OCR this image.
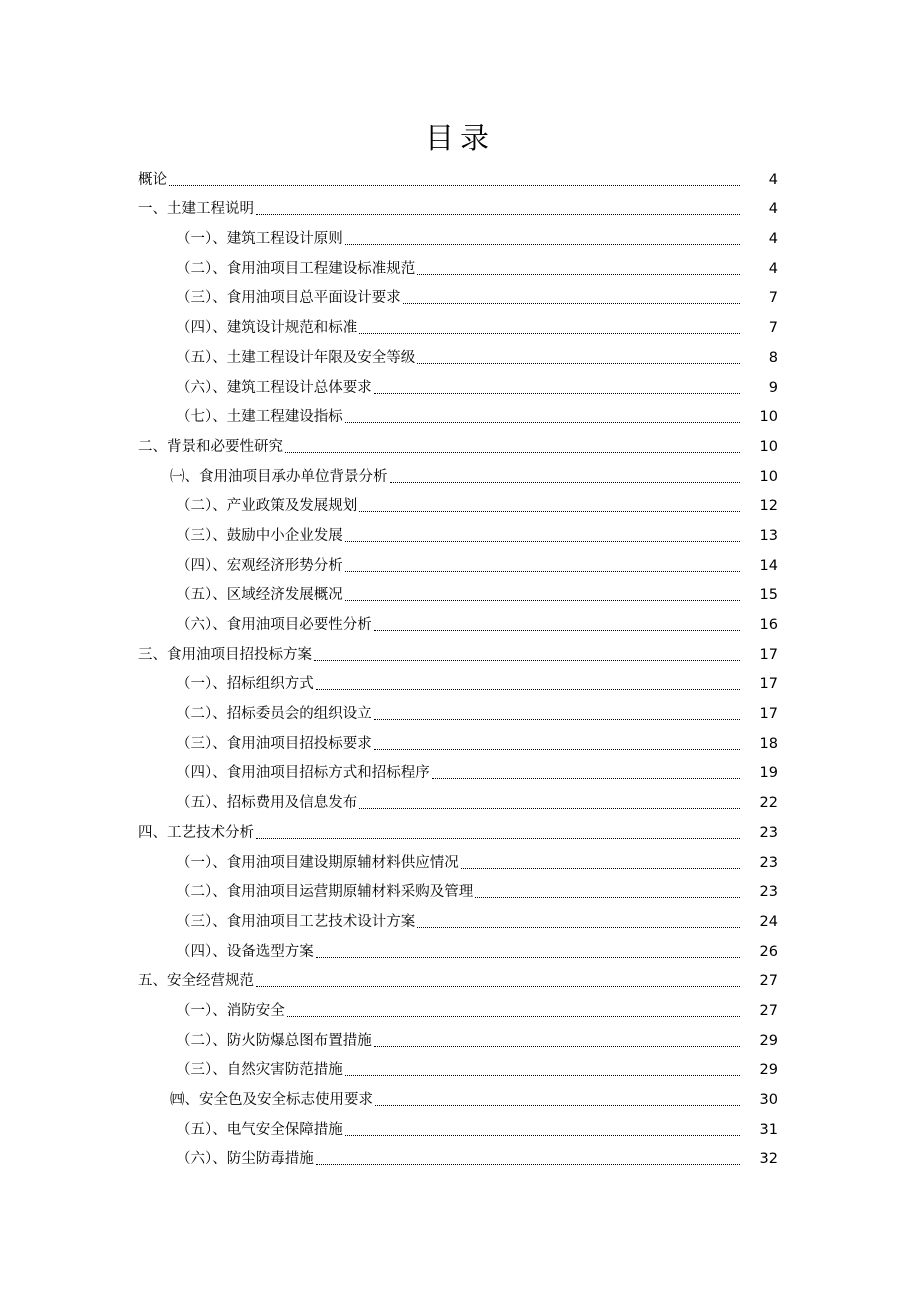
目录
概论	4
一、土建工程说明	4
（一）、建筑工程设计原则	4
（二）、食用油项目工程建设标准规范	4
（三）、食用油项目总平面设计要求	7
（四）、建筑设计规范和标准	7
（五）、土建工程设计年限及安全等级	8
（六）、建筑工程设计总体要求	9
（七）、土建工程建设指标	10
二、背景和必要性研究	10
㈠、食用油项目承办单位背景分析	10
（二）、产业政策及发展规划	12
（三）、鼓励中小企业发展	13
（四）、宏观经济形势分析	14
（五）、区域经济发展概况	15
（六）、食用油项目必要性分析	16
三、食用油项目招投标方案	17
（一）、招标组织方式	17
（二）、招标委员会的组织设立	17
（三）、食用油项目招投标要求	18
（四）、食用油项目招标方式和招标程序	19
（五）、招标费用及信息发布	22
四、工艺技术分析	23
（一）、食用油项目建设期原辅材料供应情况	23
（二）、食用油项目运营期原辅材料采购及管理	23
（三）、食用油项目工艺技术设计方案	24
（四）、设备选型方案	26
五、安全经营规范	27
（一）、消防安全	27
（二）、防火防爆总图布置措施	29
（三）、自然灾害防范措施	29
㈣、安全色及安全标志使用要求	30
（五）、电气安全保障措施	31
（六）、防尘防毒措施	32
